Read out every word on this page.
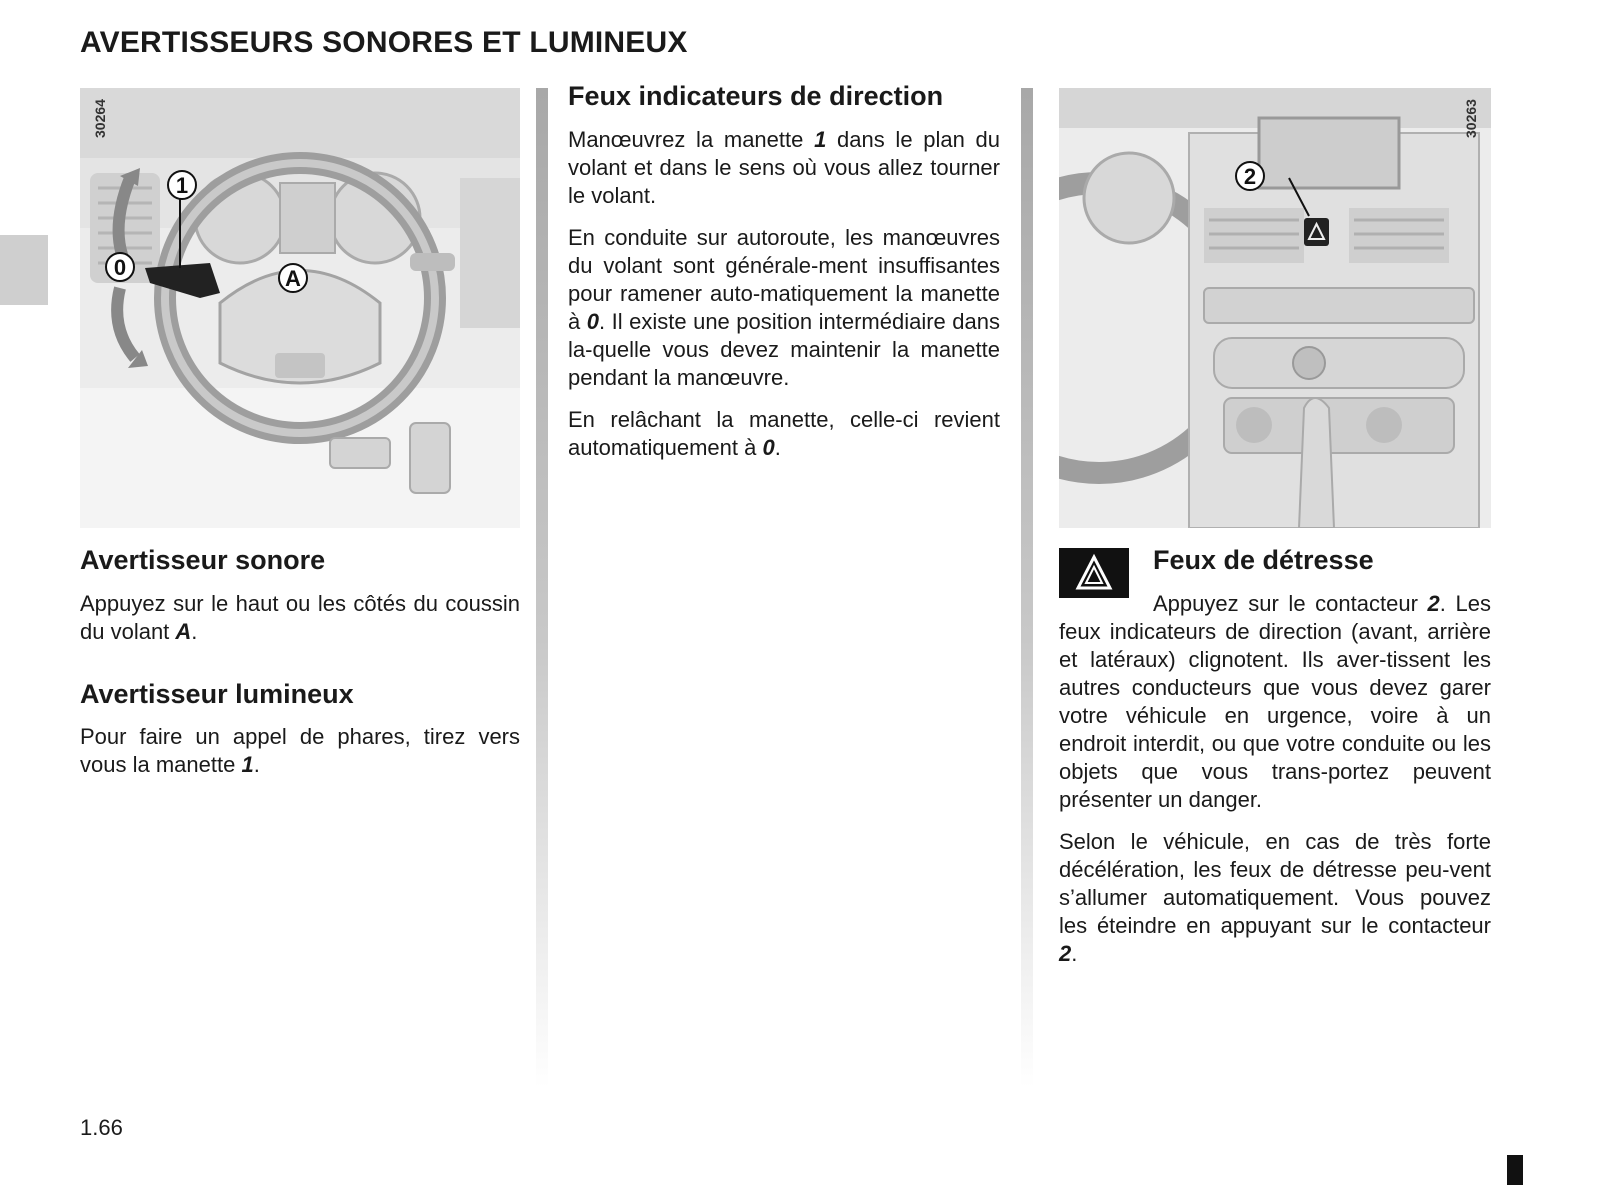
AVERTISSEURS SONORES ET LUMINEUX
30264
1
0	A
Avertisseur sonore

Appuyez sur le haut ou les côtés du coussin du volant A.

Avertisseur lumineux

Pour faire un appel de phares, tirez vers vous la manette 1.

Feux indicateurs de direction

Manœuvrez la manette 1 dans le plan du volant et dans le sens où vous allez tourner le volant.

En conduite sur autoroute, les manœuvres du volant sont générale-ment insuffisantes pour ramener auto-matiquement la manette à 0. Il existe une position intermédiaire dans la-quelle vous devez maintenir la manette pendant la manœuvre.

En relâchant la manette, celle-ci revient automatiquement à 0.

30263
2
Feux de détresse

Appuyez sur le contacteur 2. Les feux indicateurs de direction (avant, arrière et latéraux) clignotent. Ils aver-tissent les autres conducteurs que vous devez garer votre véhicule en urgence, voire à un endroit interdit, ou que votre conduite ou les objets que vous trans-portez peuvent présenter un danger.

Selon le véhicule, en cas de très forte décélération, les feux de détresse peu-vent s’allumer automatiquement. Vous pouvez les éteindre en appuyant sur le contacteur 2.

1.66
